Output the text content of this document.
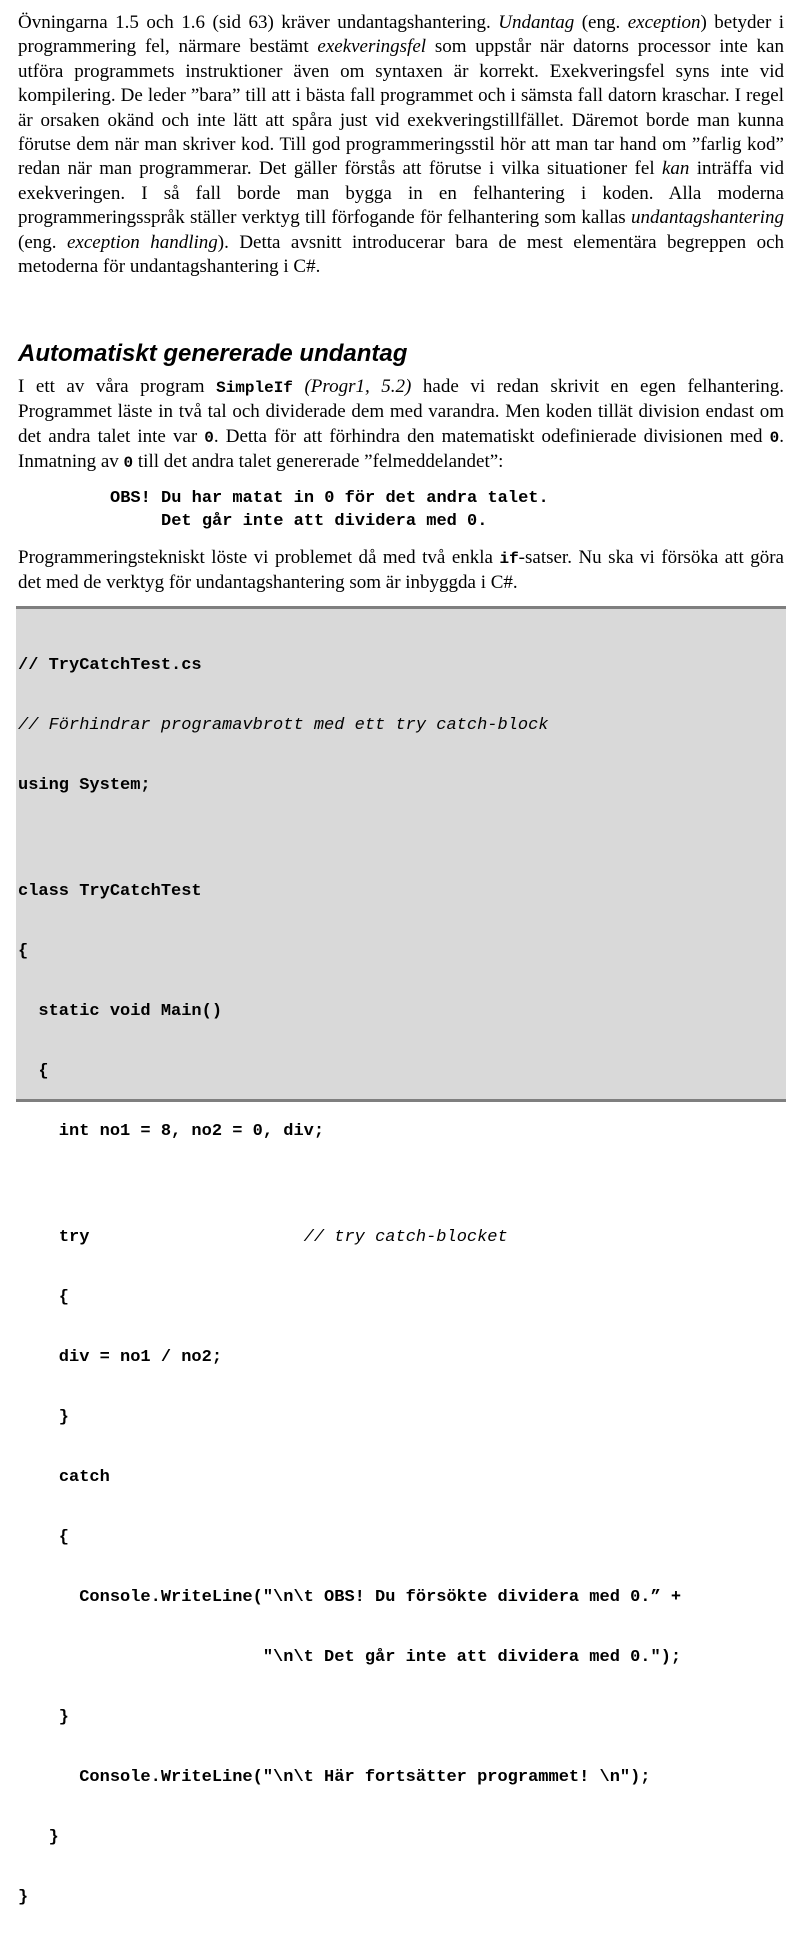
Övningarna 1.5 och 1.6 (sid 63) kräver undantagshantering. Undantag (eng. exception) betyder i programmering fel, närmare bestämt exekveringsfel som uppstår när datorns processor inte kan utföra programmets instruktioner även om syntaxen är korrekt. Exekveringsfel syns inte vid kompilering. De leder ”bara” till att i bästa fall programmet och i sämsta fall datorn kraschar. I regel är orsaken okänd och inte lätt att spåra just vid exekveringstillfället. Däremot borde man kunna förutse dem när man skriver kod. Till god programmeringsstil hör att man tar hand om ”farlig kod” redan när man programmerar. Det gäller förstås att förutse i vilka situationer fel kan inträffa vid exekveringen. I så fall borde man bygga in en felhantering i koden. Alla moderna programmeringsspråk ställer verktyg till förfogande för felhantering som kallas undantagshantering (eng. exception handling). Detta avsnitt introducerar bara de mest elementära begreppen och metoderna för undantagshantering i C#.

Automatiskt genererade undantag

I ett av våra program SimpleIf (Progr1, 5.2) hade vi redan skrivit en egen felhantering. Programmet läste in två tal och dividerade dem med varandra. Men koden tillät division endast om det andra talet inte var 0. Detta för att förhindra den matematiskt odefinierade divisionen med 0. Inmatning av 0 till det andra talet genererade ”felmeddelandet”:

OBS! Du har matat in 0 för det andra talet.
Det går inte att dividera med 0.

Programmeringstekniskt löste vi problemet då med två enkla if-satser. Nu ska vi försöka att göra det med de verktyg för undantagshantering som är inbyggda i C#.

// TryCatchTest.cs

// Förhindrar programavbrott med ett try catch-block

using System;

class TryCatchTest

{

static void Main()

{

int no1 = 8, no2 = 0, div;

try	// try catch-blocket

{

div = no1 / no2;

}

catch

{

Console.WriteLine("\n\t OBS! Du försökte dividera med 0.” +

"\n\t Det går inte att dividera med 0.");

}

Console.WriteLine("\n\t Här fortsätter programmet! \n");

}

}
